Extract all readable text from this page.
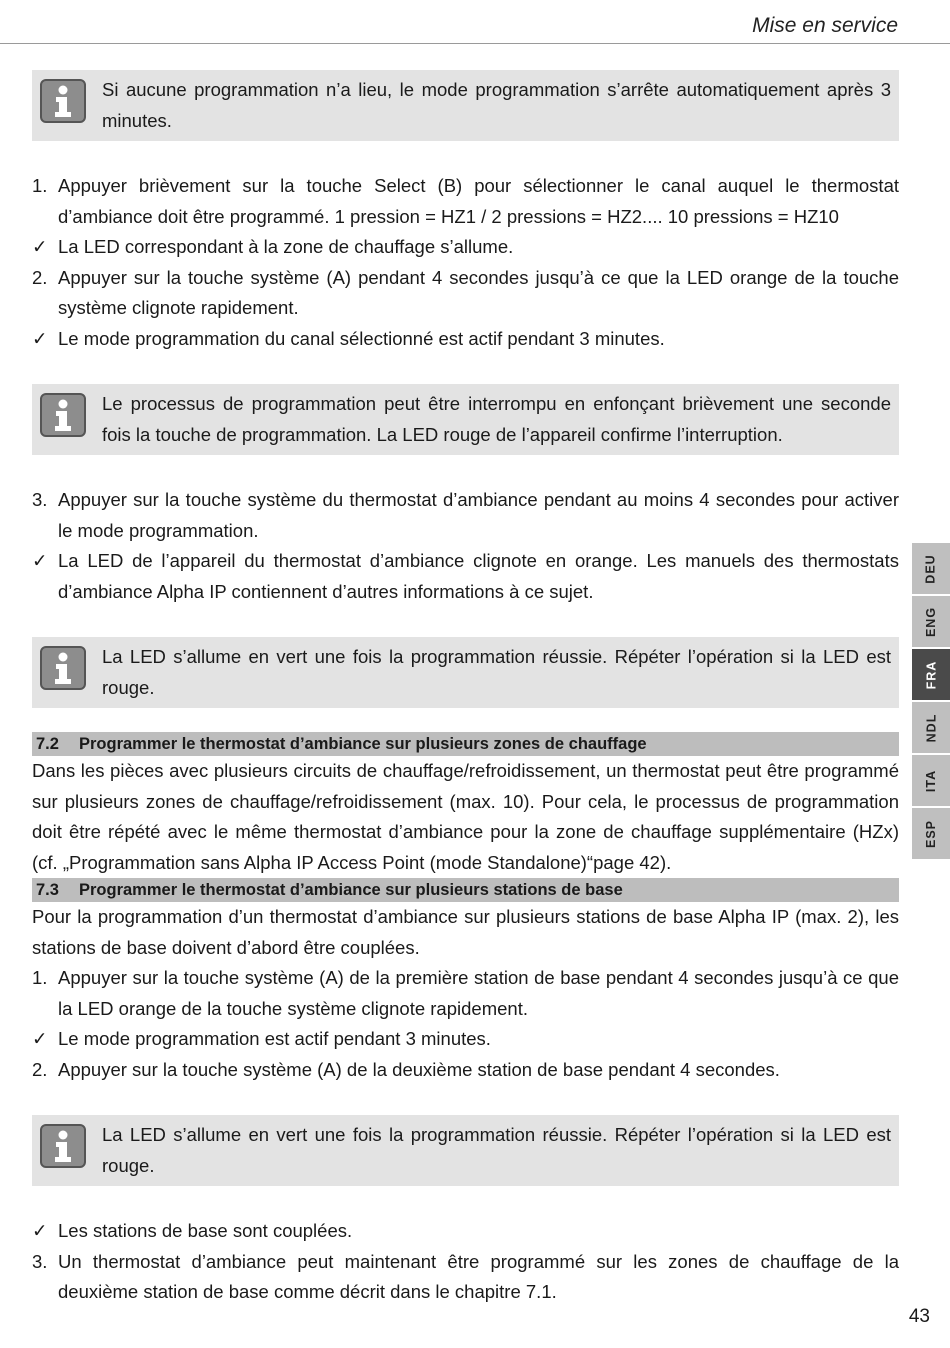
Mise en service
Si aucune programmation n’a lieu, le mode programmation s’arrête automatiquement après 3 minutes.
1. Appuyer brièvement sur la touche Select (B) pour sélectionner le canal auquel le thermostat d’ambiance doit être programmé. 1 pression = HZ1 / 2 pressions = HZ2.... 10 pressions = HZ10
✓ La LED correspondant à la zone de chauffage s’allume.
2. Appuyer sur la touche système (A) pendant 4 secondes jusqu’à ce que la LED orange de la touche système clignote rapidement.
✓ Le mode programmation du canal sélectionné est actif pendant 3 minutes.
Le processus de programmation peut être interrompu en enfonçant brièvement une seconde fois la touche de programmation. La LED rouge de l’appareil confirme l’interruption.
3. Appuyer sur la touche système du thermostat d’ambiance pendant au moins 4 secondes pour activer le mode programmation.
✓ La LED de l’appareil du thermostat d’ambiance clignote en orange. Les manuels des thermostats d’ambiance Alpha IP contiennent d’autres informations à ce sujet.
La LED s’allume en vert une fois la programmation réussie. Répéter l’opération si la LED est rouge.
7.2 Programmer le thermostat d’ambiance sur plusieurs zones de chauffage

Dans les pièces avec plusieurs circuits de chauffage/refroidissement, un thermostat peut être programmé sur plusieurs zones de chauffage/refroidissement (max. 10). Pour cela, le processus de programmation doit être répété avec le même thermostat d’ambiance pour la zone de chauffage supplémentaire (HZx) (cf. „Programmation sans Alpha IP Access Point (mode Standalone)“page 42).

7.3 Programmer le thermostat d’ambiance sur plusieurs stations de base

Pour la programmation d’un thermostat d’ambiance sur plusieurs stations de base Alpha IP (max. 2), les stations de base doivent d’abord être couplées.

1. Appuyer sur la touche système (A) de la première station de base pendant 4 secondes jusqu’à ce que la LED orange de la touche système clignote rapidement.
✓ Le mode programmation est actif pendant 3 minutes.
2. Appuyer sur la touche système (A) de la deuxième station de base pendant 4 secondes.
La LED s’allume en vert une fois la programmation réussie. Répéter l’opération si la LED est rouge.
✓ Les stations de base sont couplées.
3. Un thermostat d’ambiance peut maintenant être programmé sur les zones de chauffage de la deuxième station de base comme décrit dans le chapitre 7.1.
DEU
ENG
FRA
NDL
ITA
ESP
43
